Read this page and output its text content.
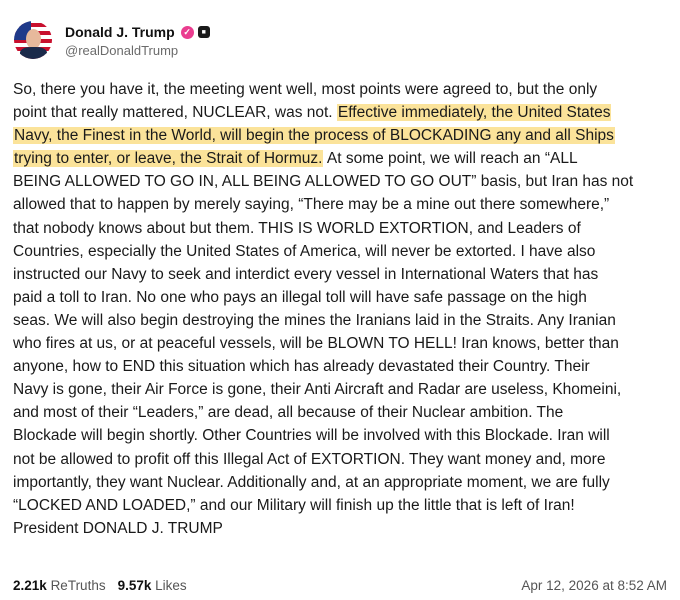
Donald J. Trump ✓	■
@realDonaldTrump
So, there you have it, the meeting went well, most points were agreed to, but the only
point that really mattered, NUCLEAR, was not. Effective immediately, the United States
Navy, the Finest in the World, will begin the process of BLOCKADING any and all Ships
trying to enter, or leave, the Strait of Hormuz. At some point, we will reach an “ALL
BEING ALLOWED TO GO IN, ALL BEING ALLOWED TO GO OUT” basis, but Iran has not
allowed that to happen by merely saying, “There may be a mine out there somewhere,”
that nobody knows about but them. THIS IS WORLD EXTORTION, and Leaders of
Countries, especially the United States of America, will never be extorted. I have also
instructed our Navy to seek and interdict every vessel in International Waters that has
paid a toll to Iran. No one who pays an illegal toll will have safe passage on the high
seas. We will also begin destroying the mines the Iranians laid in the Straits. Any Iranian
who fires at us, or at peaceful vessels, will be BLOWN TO HELL! Iran knows, better than
anyone, how to END this situation which has already devastated their Country. Their
Navy is gone, their Air Force is gone, their Anti Aircraft and Radar are useless, Khomeini,
and most of their “Leaders,” are dead, all because of their Nuclear ambition. The
Blockade will begin shortly. Other Countries will be involved with this Blockade. Iran will
not be allowed to profit off this Illegal Act of EXTORTION. They want money and, more
importantly, they want Nuclear. Additionally and, at an appropriate moment, we are fully
“LOCKED AND LOADED,” and our Military will finish up the little that is left of Iran!
President DONALD J. TRUMP
2.21k ReTruths 9.57k Likes	Apr 12, 2026 at 8:52 AM
